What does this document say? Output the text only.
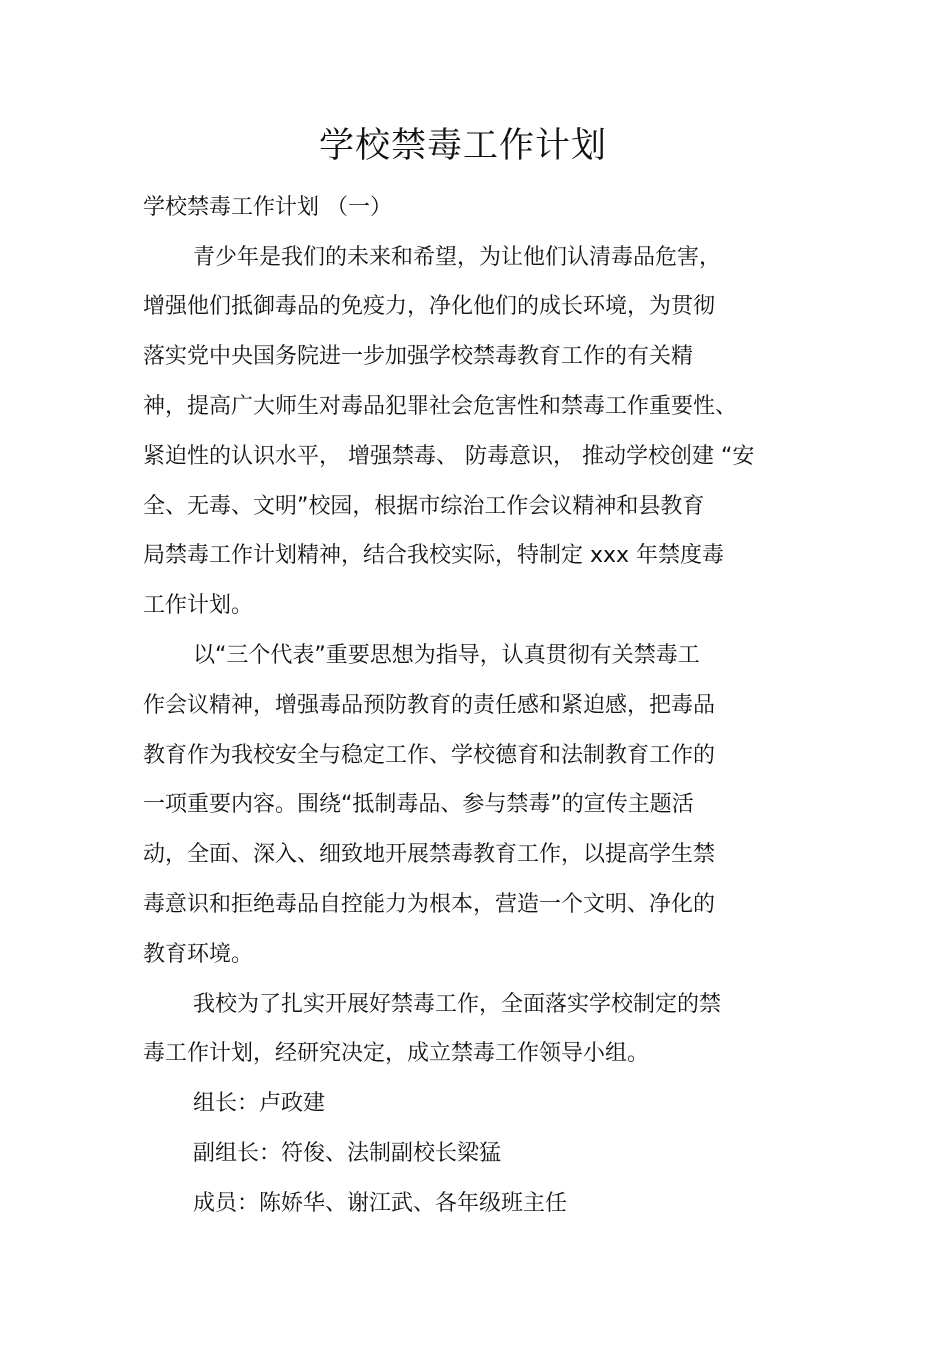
学校禁毒工作计划
学校禁毒工作计划 （一）
青少年是我们的未来和希望，为让他们认清毒品危害，
增强他们抵御毒品的免疫力，净化他们的成长环境，为贯彻
落实党中央国务院进一步加强学校禁毒教育工作的有关精
神，提高广大师生对毒品犯罪社会危害性和禁毒工作重要性、
紧迫性的认识水平， 增强禁毒、 防毒意识， 推动学校创建 “安
全、无毒、文明”校园，根据市综治工作会议精神和县教育
局禁毒工作计划精神，结合我校实际，特制定 xxx 年禁度毒
工作计划。
以“三个代表”重要思想为指导，认真贯彻有关禁毒工
作会议精神，增强毒品预防教育的责任感和紧迫感，把毒品
教育作为我校安全与稳定工作、学校德育和法制教育工作的
一项重要内容。围绕“抵制毒品、参与禁毒”的宣传主题活
动，全面、深入、细致地开展禁毒教育工作，以提高学生禁
毒意识和拒绝毒品自控能力为根本，营造一个文明、净化的
教育环境。
我校为了扎实开展好禁毒工作，全面落实学校制定的禁
毒工作计划，经研究决定，成立禁毒工作领导小组。
组长：卢政建
副组长：符俊、法制副校长梁猛
成员：陈娇华、谢江武、各年级班主任
